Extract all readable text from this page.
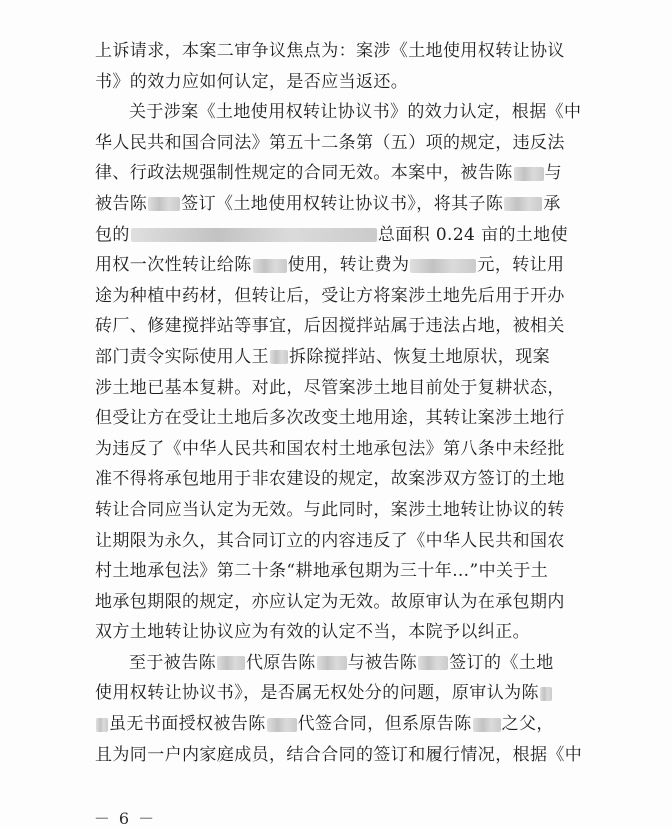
上诉请求，本案二审争议焦点为：案涉《土地使用权转让协议
书》的效力应如何认定，是否应当返还。
关于涉案《土地使用权转让协议书》的效力认定，根据《中
华人民共和国合同法》第五十二条第（五）项的规定，违反法
律、行政法规强制性规定的合同无效。本案中，被告陈 与
被告陈 签订《土地使用权转让协议书》，将其子陈 承
包的	总面积 0.24 亩的土地使
用权一次性转让给陈 使用，转让费为	元，转让用
途为种植中药材，但转让后，受让方将案涉土地先后用于开办
砖厂、修建搅拌站等事宜，后因搅拌站属于违法占地，被相关
部门责令实际使用人王 拆除搅拌站、恢复土地原状，现案
涉土地已基本复耕。对此，尽管案涉土地目前处于复耕状态，
但受让方在受让土地后多次改变土地用途，其转让案涉土地行
为违反了《中华人民共和国农村土地承包法》第八条中未经批
准不得将承包地用于非农建设的规定，故案涉双方签订的土地
转让合同应当认定为无效。与此同时，案涉土地转让协议的转
让期限为永久，其合同订立的内容违反了《中华人民共和国农
村土地承包法》第二十条“耕地承包期为三十年…”中关于土
地承包期限的规定，亦应认定为无效。故原审认为在承包期内
双方土地转让协议应为有效的认定不当，本院予以纠正。
至于被告陈 代原告陈 与被告陈 签订的《土地
使用权转让协议书》，是否属无权处分的问题，原审认为陈
虽无书面授权被告陈 代签合同，但系原告陈 之父，
且为同一户内家庭成员，结合合同的签订和履行情况，根据《中
－ 6 －
